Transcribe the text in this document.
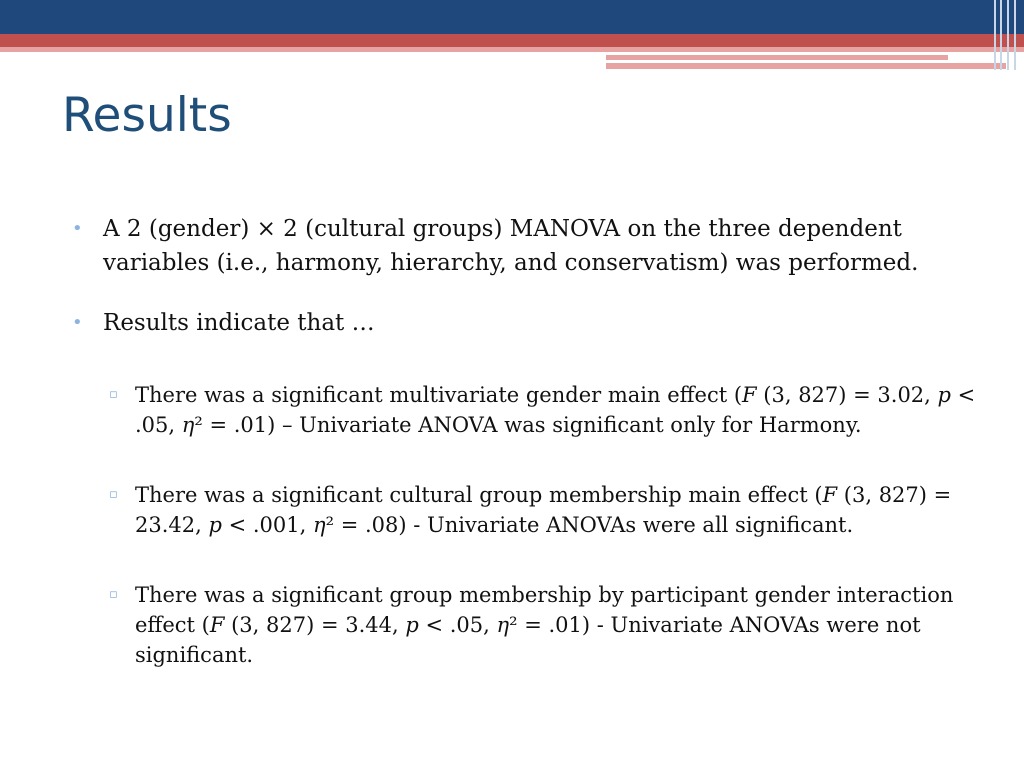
Results
• A 2 (gender) × 2 (cultural groups) MANOVA on the three dependent variables (i.e., harmony, hierarchy, and conservatism) was performed.
• Results indicate that …
▫ There was a significant multivariate gender main effect (F (3, 827) = 3.02, p < .05, η² = .01) – Univariate ANOVA was significant only for Harmony.
▫ There was a significant cultural group membership main effect (F (3, 827) = 23.42, p < .001, η² = .08) - Univariate ANOVAs were all significant.
▫ There was a significant group membership by participant gender interaction effect (F (3, 827) = 3.44, p < .05, η² = .01) - Univariate ANOVAs were not significant.
